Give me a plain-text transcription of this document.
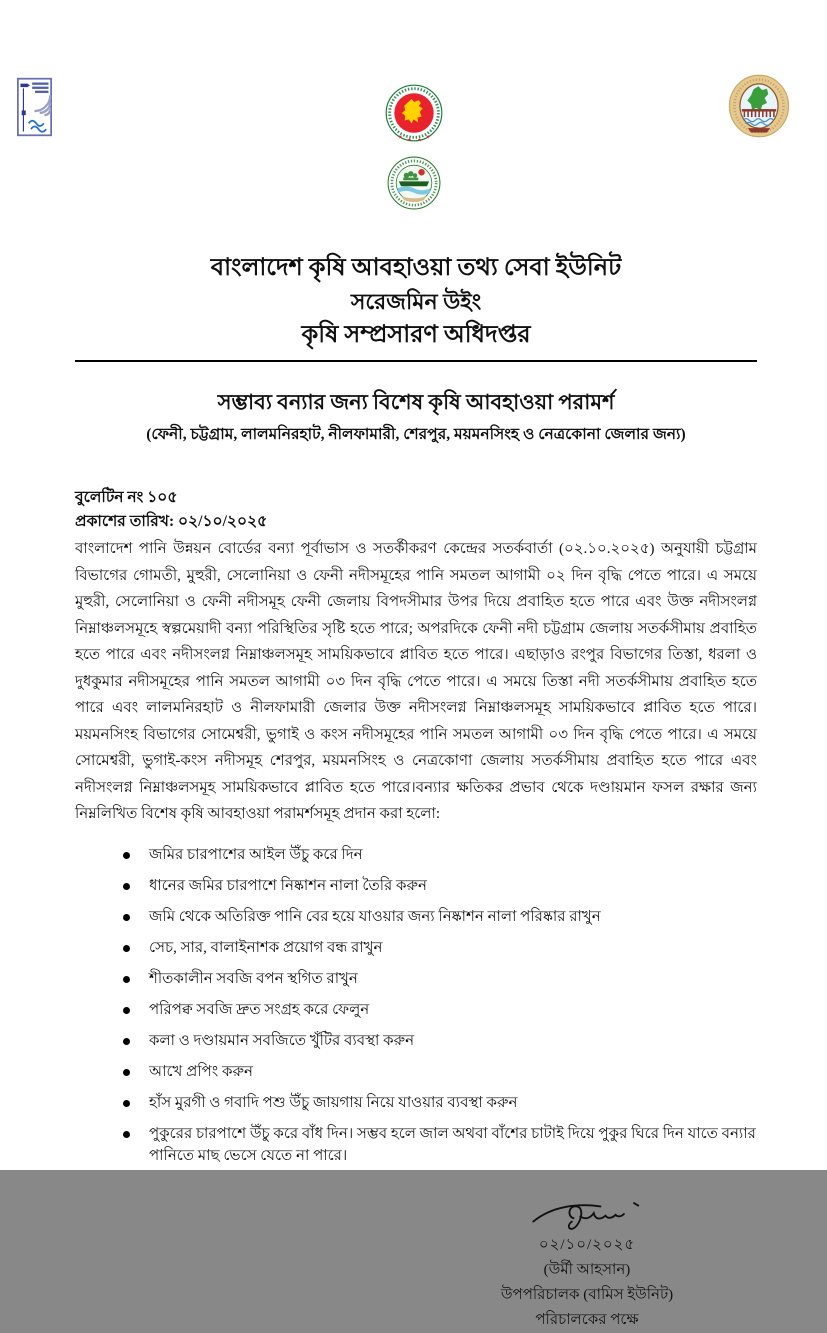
★ ★ ★ ★
বাংলাদেশ কৃষি আবহাওয়া তথ্য সেবা ইউনিট
সরেজমিন উইং
কৃষি সম্প্রসারণ অধিদপ্তর
সম্ভাব্য বন্যার জন্য বিশেষ কৃষি আবহাওয়া পরামর্শ
(ফেনী, চট্টগ্রাম, লালমনিরহাট, নীলফামারী, শেরপুর, ময়মনসিংহ ও নেত্রকোনা জেলার জন্য)
বুলেটিন নং ১০৫
প্রকাশের তারিখ: ০২/১০/২০২৫
বাংলাদেশ পানি উন্নয়ন বোর্ডের বন্যা পূর্বাভাস ও সতর্কীকরণ কেন্দ্রের সতর্কবার্তা (০২.১০.২০২৫) অনুযায়ী চট্টগ্রাম বিভাগের গোমতী, মুহুরী, সেলোনিয়া ও ফেনী নদীসমূহের পানি সমতল আগামী ০২ দিন বৃদ্ধি পেতে পারে। এ সময়ে মুহুরী, সেলোনিয়া ও ফেনী নদীসমূহ ফেনী জেলায় বিপদসীমার উপর দিয়ে প্রবাহিত হতে পারে এবং উক্ত নদীসংলগ্ন নিম্নাঞ্চলসমূহে স্বল্পমেয়াদী বন্যা পরিস্থিতির সৃষ্টি হতে পারে; অপরদিকে ফেনী নদী চট্টগ্রাম জেলায় সতর্কসীমায় প্রবাহিত হতে পারে এবং নদীসংলগ্ন নিম্নাঞ্চলসমূহ সাময়িকভাবে প্লাবিত হতে পারে। এছাড়াও রংপুর বিভাগের তিস্তা, ধরলা ও দুধকুমার নদীসমূহের পানি সমতল আগামী ০৩ দিন বৃদ্ধি পেতে পারে। এ সময়ে তিস্তা নদী সতর্কসীমায় প্রবাহিত হতে পারে এবং লালমনিরহাট ও নীলফামারী জেলার উক্ত নদীসংলগ্ন নিম্নাঞ্চলসমূহ সাময়িকভাবে প্লাবিত হতে পারে। ময়মনসিংহ বিভাগের সোমেশ্বরী, ভুগাই ও কংস নদীসমূহের পানি সমতল আগামী ০৩ দিন বৃদ্ধি পেতে পারে। এ সময়ে সোমেশ্বরী, ভুগাই-কংস নদীসমূহ শেরপুর, ময়মনসিংহ ও নেত্রকোণা জেলায় সতর্কসীমায় প্রবাহিত হতে পারে এবং নদীসংলগ্ন নিম্নাঞ্চলসমূহ সাময়িকভাবে প্লাবিত হতে পারে।বন্যার ক্ষতিকর প্রভাব থেকে দণ্ডায়মান ফসল রক্ষার জন্য নিম্নলিখিত বিশেষ কৃষি আবহাওয়া পরামর্শসমূহ প্রদান করা হলো:
জমির চারপাশের আইল উঁচু করে দিন
ধানের জমির চারপাশে নিষ্কাশন নালা তৈরি করুন
জমি থেকে অতিরিক্ত পানি বের হয়ে যাওয়ার জন্য নিষ্কাশন নালা পরিষ্কার রাখুন
সেচ, সার, বালাইনাশক প্রয়োগ বন্ধ রাখুন
শীতকালীন সবজি বপন স্থগিত রাখুন
পরিপক্ব সবজি দ্রুত সংগ্রহ করে ফেলুন
কলা ও দণ্ডায়মান সবজিতে খুঁটির ব্যবস্থা করুন
আখে প্রপিং করুন
হাঁস মুরগী ও গবাদি পশু উঁচু জায়গায় নিয়ে যাওয়ার ব্যবস্থা করুন
পুকুরের চারপাশে উঁচু করে বাঁধ দিন। সম্ভব হলে জাল অথবা বাঁশের চাটাই দিয়ে পুকুর ঘিরে দিন যাতে বন্যার পানিতে মাছ ভেসে যেতে না পারে।
০২/১০/২০২৫
(উর্মী আহসান)
উপপরিচালক (বামিস ইউনিট)
পরিচালকের পক্ষে
